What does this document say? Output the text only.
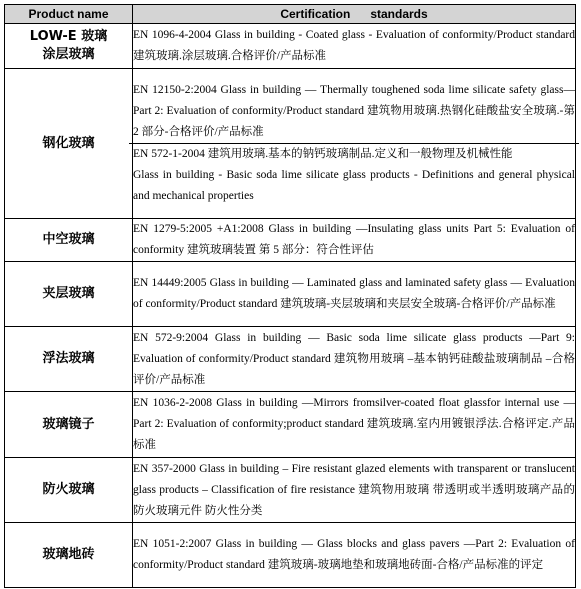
Product name	Certification      standards
LOW-E 玻璃
涂层玻璃	EN 1096-4-2004 Glass in building - Coated glass - Evaluation of conformity/Product standard 建筑玻璃.涂层玻璃.合格评价/产品标准

钢化玻璃	EN 12150-2:2004 Glass in building — Thermally toughened soda lime silicate safety glass—Part 2: Evaluation of conformity/Product standard 建筑物用玻璃.热钢化硅酸盐安全玻璃.-第 2 部分-合格评价/产品标准
EN 572-1-2004 建筑用玻璃.基本的钠钙玻璃制品.定义和一般物理及机械性能
Glass in building - Basic soda lime silicate glass products - Definitions and general physical and mechanical properties

中空玻璃	EN 1279-5:2005 +A1:2008 Glass in building —Insulating glass units Part 5: Evaluation of conformity 建筑玻璃装置 第 5 部分：符合性评估

夹层玻璃	EN 14449:2005 Glass in building — Laminated glass and laminated safety glass — Evaluation of conformity/Product standard 建筑玻璃-夹层玻璃和夹层安全玻璃-合格评价/产品标准

浮法玻璃	EN 572-9:2004 Glass in building — Basic soda lime silicate glass products —Part 9: Evaluation of conformity/Product standard 建筑物用玻璃 –基本钠钙硅酸盐玻璃制品 –合格评价/产品标准

玻璃镜子	EN 1036-2-2008 Glass in building —Mirrors fromsilver-coated float glassfor internal use —Part 2: Evaluation of conformity;product standard 建筑玻璃.室内用镀银浮法.合格评定.产品标准

防火玻璃	EN 357-2000 Glass in building – Fire resistant glazed elements with transparent or translucent glass products – Classification of fire resistance 建筑物用玻璃 带透明或半透明玻璃产品的防火玻璃元件 防火性分类

玻璃地砖	EN 1051-2:2007 Glass in building — Glass blocks and glass pavers —Part 2: Evaluation of conformity/Product standard 建筑玻璃-玻璃地垫和玻璃地砖面-合格/产品标准的评定
